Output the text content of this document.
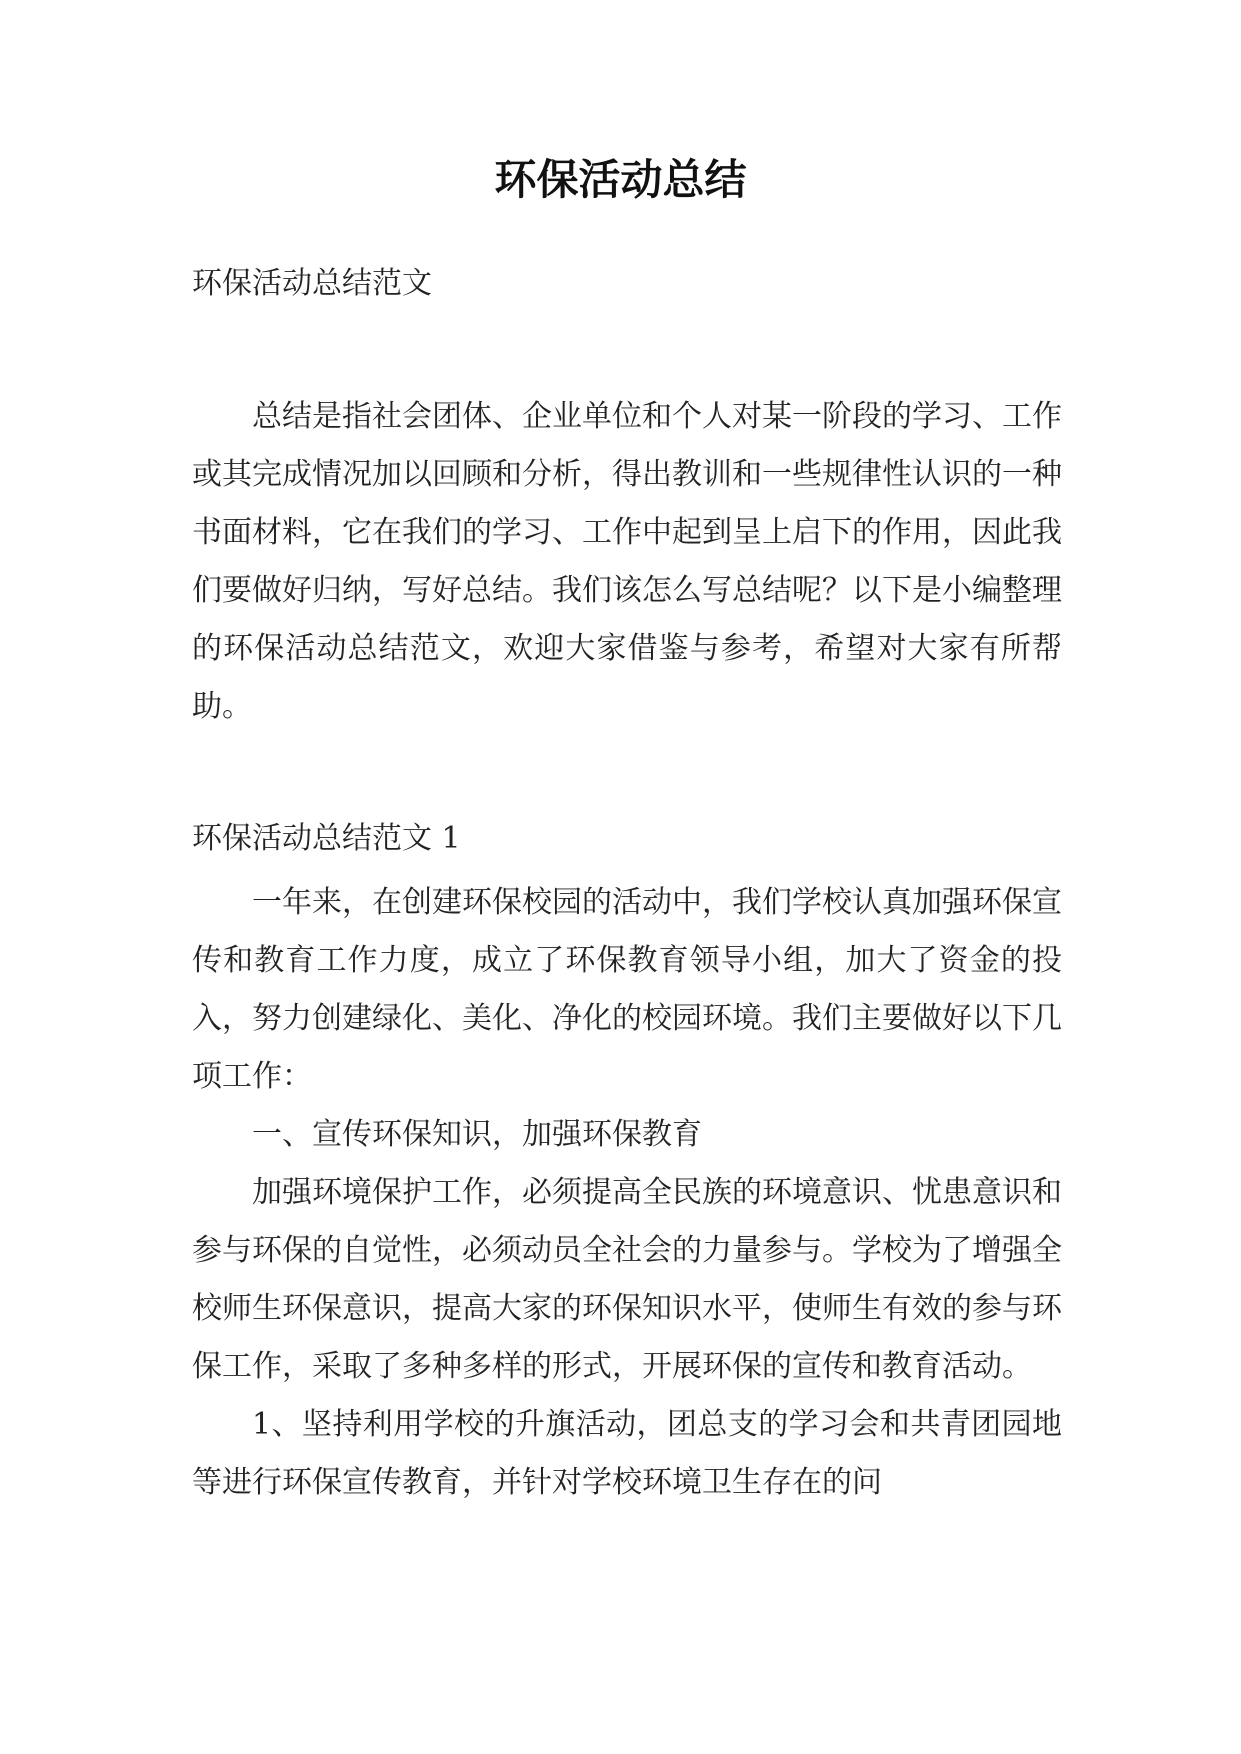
环保活动总结
环保活动总结范文

总结是指社会团体、企业单位和个人对某一阶段的学习、工作或其完成情况加以回顾和分析，得出教训和一些规律性认识的一种书面材料，它在我们的学习、工作中起到呈上启下的作用，因此我们要做好归纳，写好总结。我们该怎么写总结呢？以下是小编整理的环保活动总结范文，欢迎大家借鉴与参考，希望对大家有所帮助。

环保活动总结范文 1

一年来，在创建环保校园的活动中，我们学校认真加强环保宣传和教育工作力度，成立了环保教育领导小组，加大了资金的投入，努力创建绿化、美化、净化的校园环境。我们主要做好以下几项工作：

一、宣传环保知识，加强环保教育

加强环境保护工作，必须提高全民族的环境意识、忧患意识和参与环保的自觉性，必须动员全社会的力量参与。学校为了增强全校师生环保意识，提高大家的环保知识水平，使师生有效的参与环保工作，采取了多种多样的形式，开展环保的宣传和教育活动。

1、坚持利用学校的升旗活动，团总支的学习会和共青团园地等进行环保宣传教育，并针对学校环境卫生存在的问
